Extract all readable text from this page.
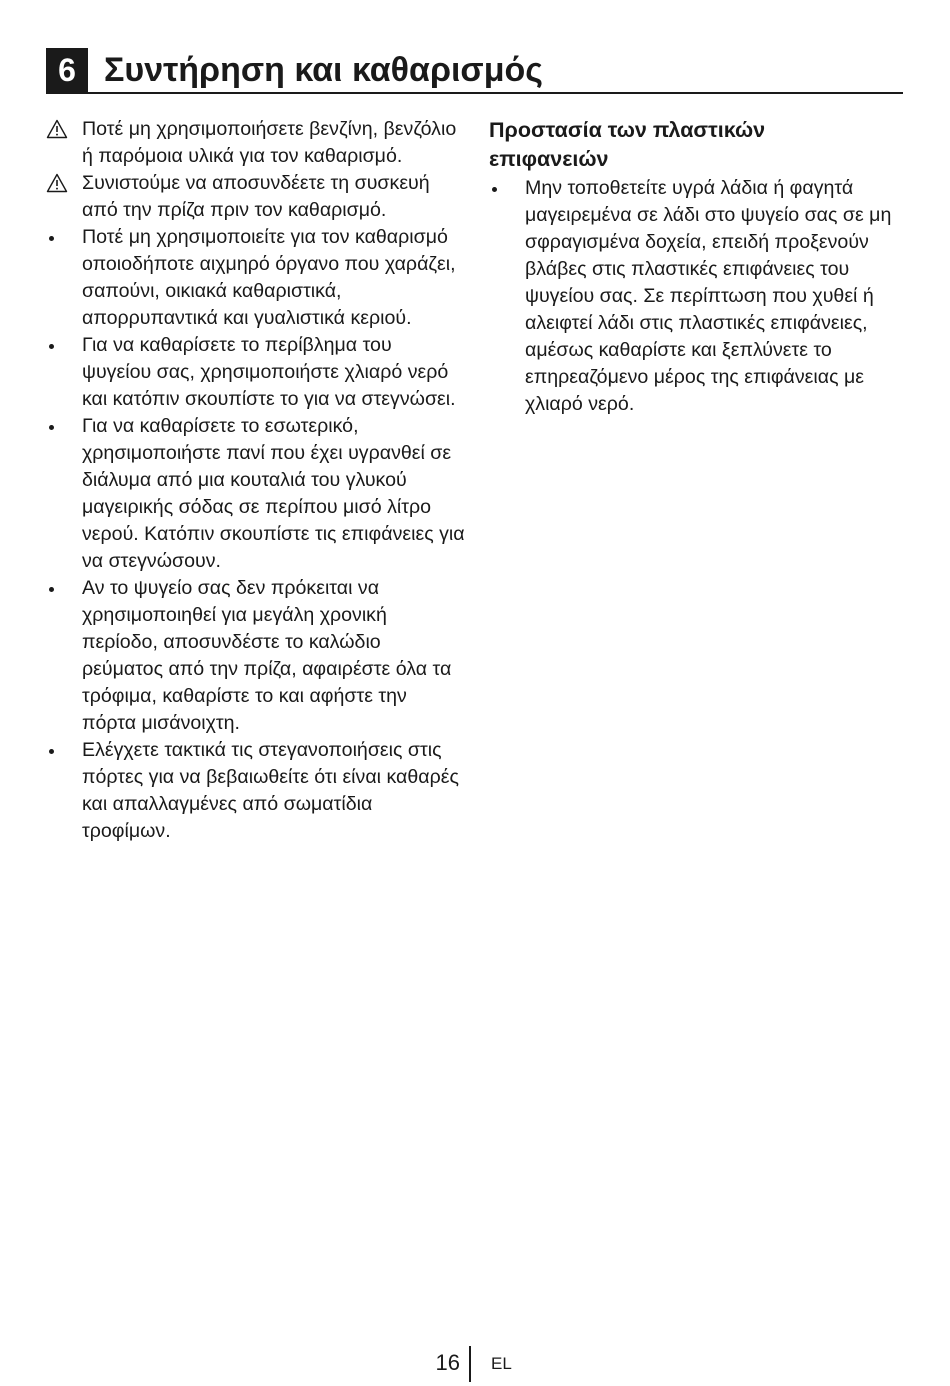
6 Συντήρηση και καθαρισμός
Ποτέ μη χρησιμοποιήσετε βενζίνη, βενζόλιο ή παρόμοια υλικά για τον καθαρισμό.
Συνιστούμε να αποσυνδέετε τη συσκευή από την πρίζα πριν τον καθαρισμό.
Ποτέ μη χρησιμοποιείτε για τον καθαρισμό οποιοδήποτε αιχμηρό όργανο που χαράζει, σαπούνι, οικιακά καθαριστικά, απορρυπαντικά και γυαλιστικά κεριού.
Για να καθαρίσετε το περίβλημα του ψυγείου σας, χρησιμοποιήστε χλιαρό νερό και κατόπιν σκουπίστε το για να στεγνώσει.
Για να καθαρίσετε το εσωτερικό, χρησιμοποιήστε πανί που έχει υγρανθεί σε διάλυμα από μια κουταλιά του γλυκού μαγειρικής σόδας σε περίπου μισό λίτρο νερού. Κατόπιν σκουπίστε τις επιφάνειες για να στεγνώσουν.
Αν το ψυγείο σας δεν πρόκειται να χρησιμοποιηθεί για μεγάλη χρονική περίοδο, αποσυνδέστε το καλώδιο ρεύματος από την πρίζα, αφαιρέστε όλα τα τρόφιμα, καθαρίστε το και αφήστε την πόρτα μισάνοιχτη.
Ελέγχετε τακτικά τις στεγανοποιήσεις στις πόρτες για να βεβαιωθείτε ότι είναι καθαρές και απαλλαγμένες από σωματίδια τροφίμων.
Προστασία των πλαστικών επιφανειών
Μην τοποθετείτε υγρά λάδια ή φαγητά μαγειρεμένα σε λάδι στο ψυγείο σας σε μη σφραγισμένα δοχεία, επειδή προξενούν βλάβες στις πλαστικές επιφάνειες του ψυγείου σας. Σε περίπτωση που χυθεί ή αλειφτεί λάδι στις πλαστικές επιφάνειες, αμέσως καθαρίστε και ξεπλύνετε το επηρεαζόμενο μέρος της επιφάνειας με χλιαρό νερό.
16 EL
